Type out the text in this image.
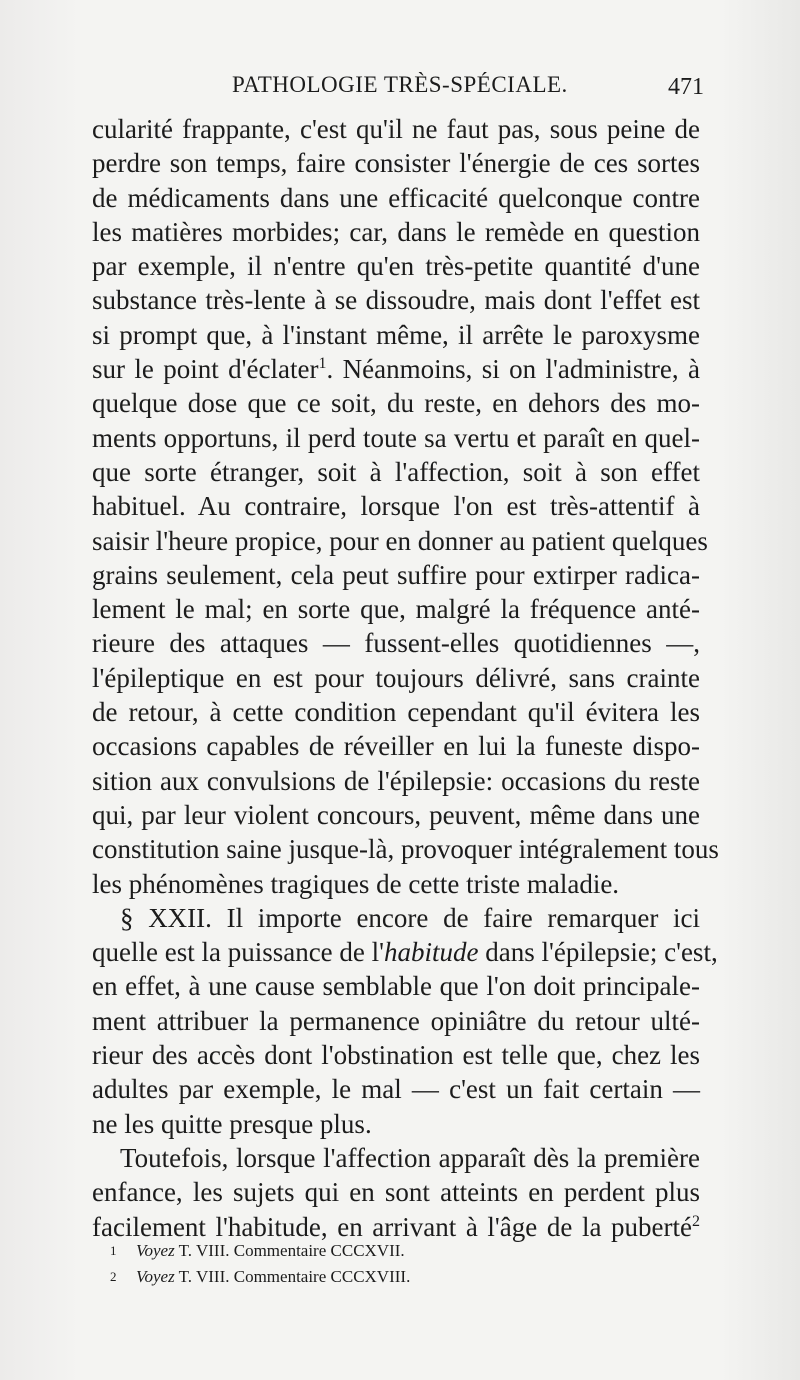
PATHOLOGIE TRÈS-SPÉCIALE.	471
cularité frappante, c'est qu'il ne faut pas, sous peine de
perdre son temps, faire consister l'énergie de ces sortes
de médicaments dans une efficacité quelconque contre
les matières morbides; car, dans le remède en question
par exemple, il n'entre qu'en très-petite quantité d'une
substance très-lente à se dissoudre, mais dont l'effet est
si prompt que, à l'instant même, il arrête le paroxysme
sur le point d'éclater$^1$. Néanmoins, si on l'administre, à
quelque dose que ce soit, du reste, en dehors des mo-
ments opportuns, il perd toute sa vertu et paraît en quel-
que sorte étranger, soit à l'affection, soit à son effet
habituel. Au contraire, lorsque l'on est très-attentif à
saisir l'heure propice, pour en donner au patient quelques
grains seulement, cela peut suffire pour extirper radica-
lement le mal; en sorte que, malgré la fréquence anté-
rieure des attaques — fussent-elles quotidiennes —,
l'épileptique en est pour toujours délivré, sans crainte
de retour, à cette condition cependant qu'il évitera les
occasions capables de réveiller en lui la funeste dispo-
sition aux convulsions de l'épilepsie: occasions du reste
qui, par leur violent concours, peuvent, même dans une
constitution saine jusque-là, provoquer intégralement tous
les phénomènes tragiques de cette triste maladie.
§ XXII. Il importe encore de faire remarquer ici
quelle est la puissance de l'habitude dans l'épilepsie; c'est,
en effet, à une cause semblable que l'on doit principale-
ment attribuer la permanence opiniâtre du retour ulté-
rieur des accès dont l'obstination est telle que, chez les
adultes par exemple, le mal — c'est un fait certain —
ne les quitte presque plus.
Toutefois, lorsque l'affection apparaît dès la première
enfance, les sujets qui en sont atteints en perdent plus
facilement l'habitude, en arrivant à l'âge de la puberté$^2$
1 Voyez T. VIII. Commentaire CCCXVII.
2 Voyez T. VIII. Commentaire CCCXVIII.
